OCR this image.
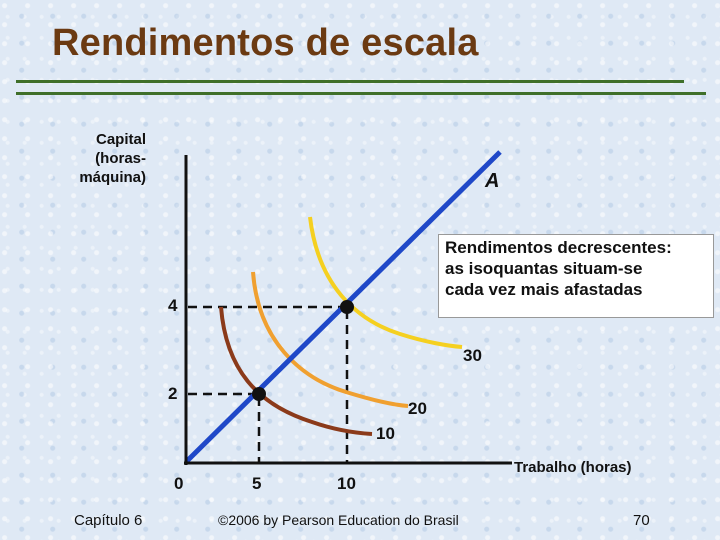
Rendimentos de escala
Capital
(horas-
máquina)	A
4
2
0	5	10
10
20
30
Trabalho (horas)
Rendimentos decrescentes:
as isoquantas situam-se
cada vez mais afastadas
Capítulo 6	©2006 by Pearson Education do Brasil	70
